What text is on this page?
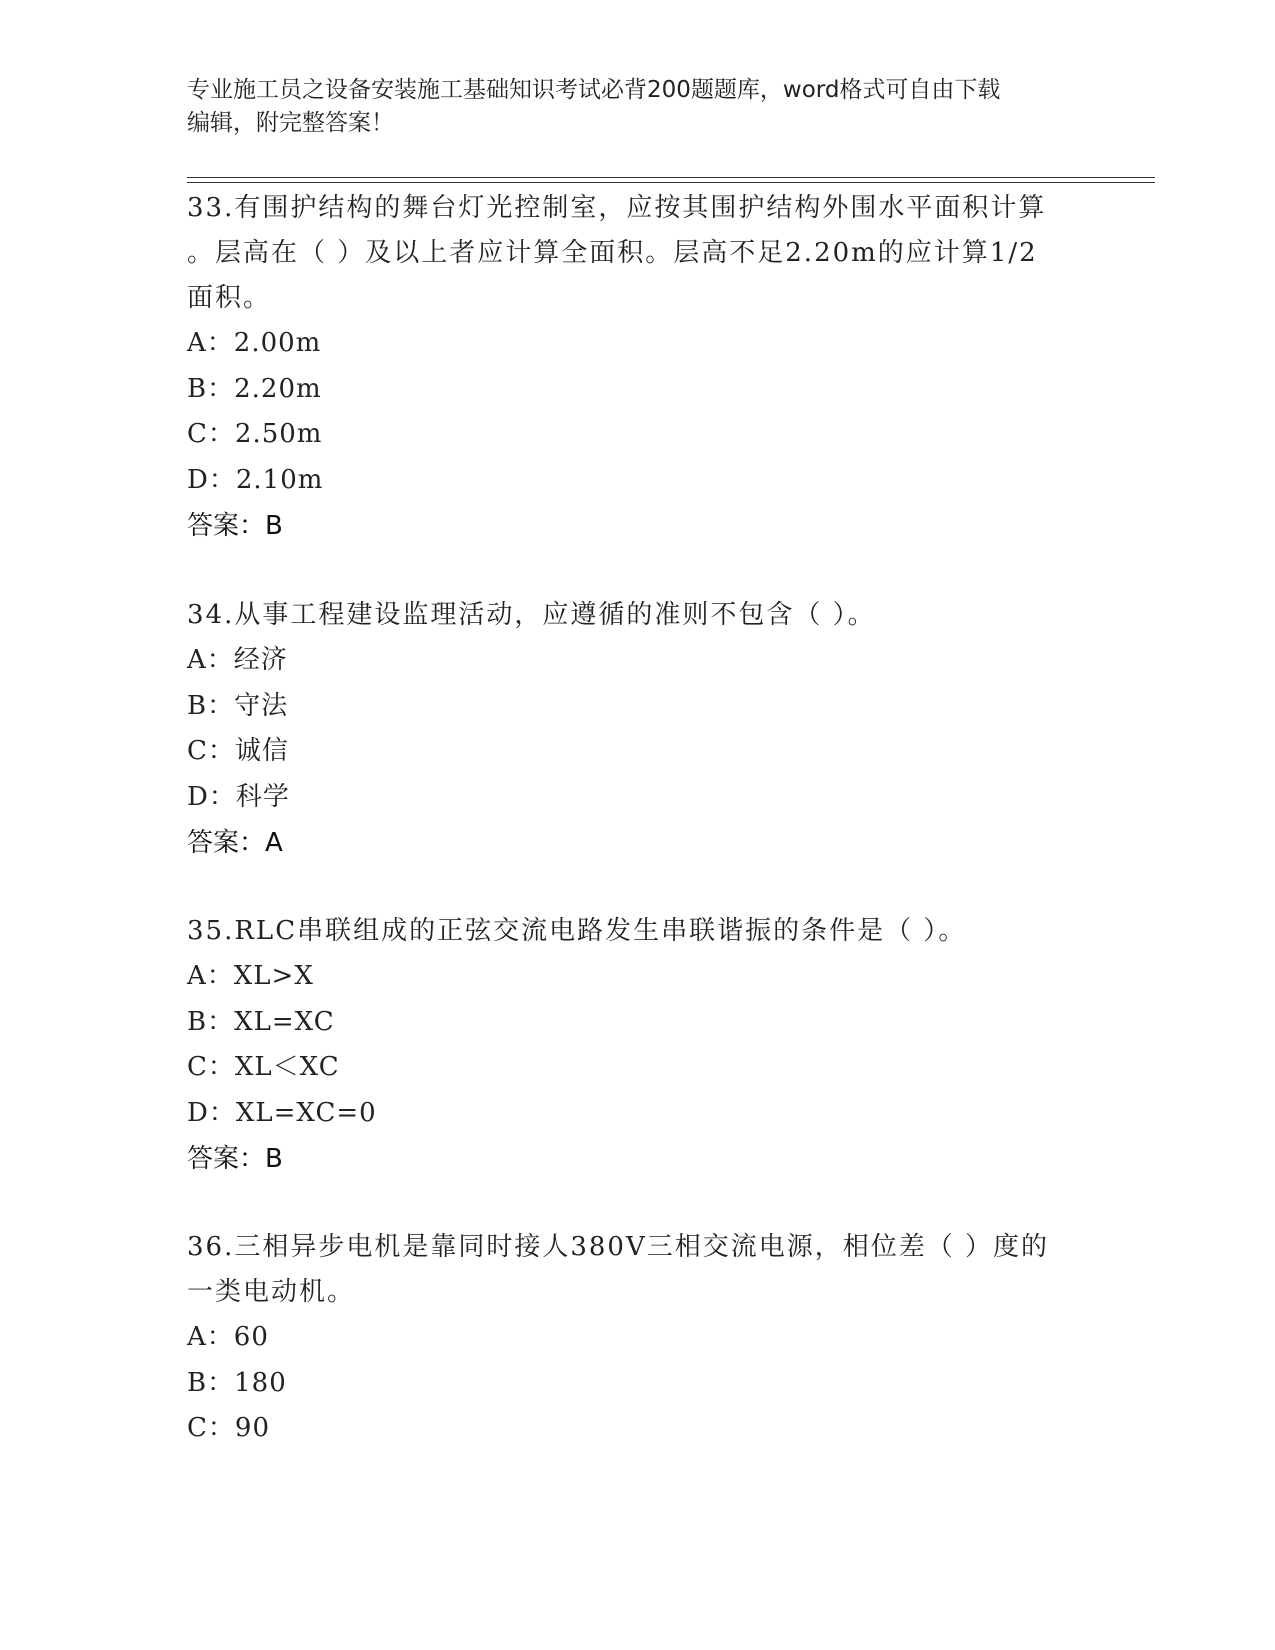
专业施工员之设备安装施工基础知识考试必背200题题库，word格式可自由下载
编辑，附完整答案！
33.有围护结构的舞台灯光控制室，应按其围护结构外围水平面积计算
。层高在（ ）及以上者应计算全面积。层高不足2.20m的应计算1/2
面积。
A：2.00m
B：2.20m
C：2.50m
D：2.10m
答案：B
34.从事工程建设监理活动，应遵循的准则不包含（ ）。
A：经济
B：守法
C：诚信
D：科学
答案：A
35.RLC串联组成的正弦交流电路发生串联谐振的条件是（ ）。
A：XL>X
B：XL=XC
C：XL＜XC
D：XL=XC=0
答案：B
36.三相异步电机是靠同时接人380V三相交流电源，相位差（ ）度的
一类电动机。
A：60
B：180
C：90
